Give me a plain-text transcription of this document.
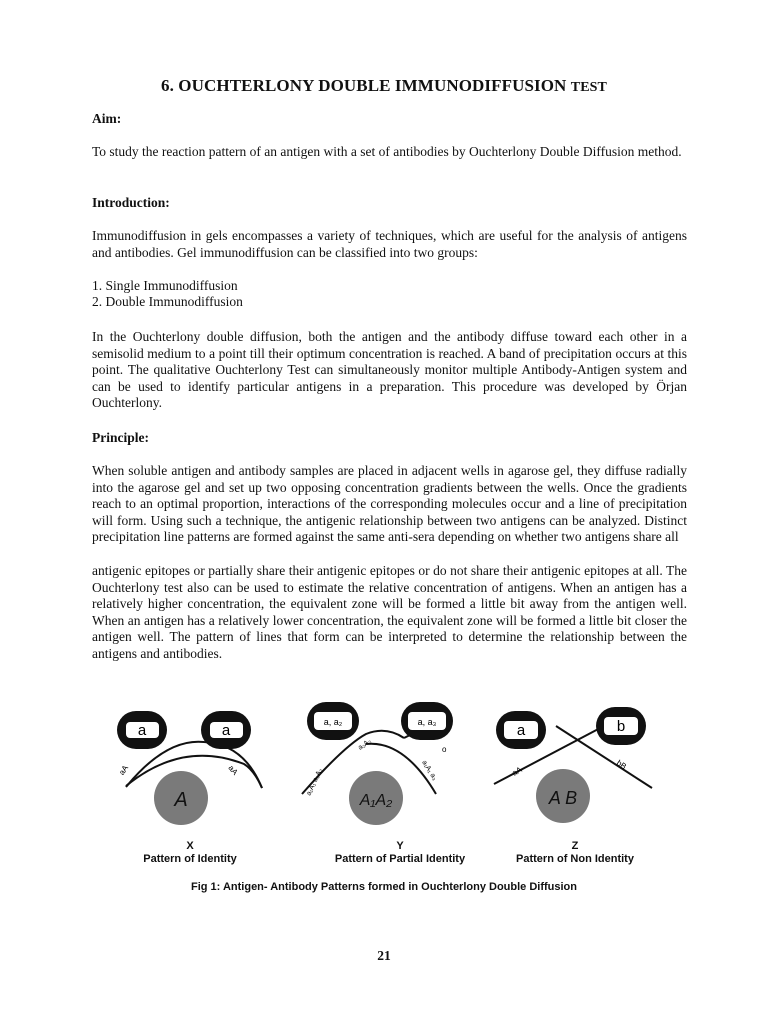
6. OUCHTERLONY DOUBLE IMMUNODIFFUSION TEST
Aim:

To study the reaction pattern of an antigen with a set of antibodies by Ouchterlony Double Diffusion method.

Introduction:

Immunodiffusion in gels encompasses a variety of techniques, which are useful for the analysis of antigens and antibodies. Gel immunodiffusion can be classified into two groups:

1. Single Immunodiffusion
2. Double Immunodiffusion

In the Ouchterlony double diffusion, both the antigen and the antibody diffuse toward each other in a semisolid medium to a point till their optimum concentration is reached. A band of precipitation occurs at this point. The qualitative Ouchterlony Test can simultaneously monitor multiple Antibody-Antigen system and can be used to identify particular antigens in a preparation. This procedure was developed by Örjan Ouchterlony.

Principle:

When soluble antigen and antibody samples are placed in adjacent wells in agarose gel, they diffuse radially into the agarose gel and set up two opposing concentration gradients between the wells. Once the gradients reach to an optimal proportion, interactions of the corresponding molecules occur and a line of precipitation will form. Using such a technique, the antigenic relationship between two antigens can be analyzed. Distinct precipitation line patterns are formed against the same anti-sera depending on whether two antigens share all

antigenic epitopes or partially share their antigenic epitopes or do not share their antigenic epitopes at all. The Ouchterlony test also can be used to estimate the relative concentration of antigens. When an antigen has a relatively higher concentration, the equivalent zone will be formed a little bit away from the antigen well. When an antigen has a relatively lower concentration, the equivalent zone will be formed a little bit closer the antigen well. The pattern of lines that form can be interpreted to determine the relationship between the antigens and antibodies.

a	a
A
aA	aA
a, a₂	a, a₃
A₁A₂
a₂A₂
a₁A₁ a₂A₂	a₁A₁ a₃
o
a	b
A B
aA
bB
X
Pattern of Identity
Y
Pattern of Partial Identity
Z
Pattern of Non Identity
Fig 1: Antigen- Antibody Patterns formed in Ouchterlony Double Diffusion
21
